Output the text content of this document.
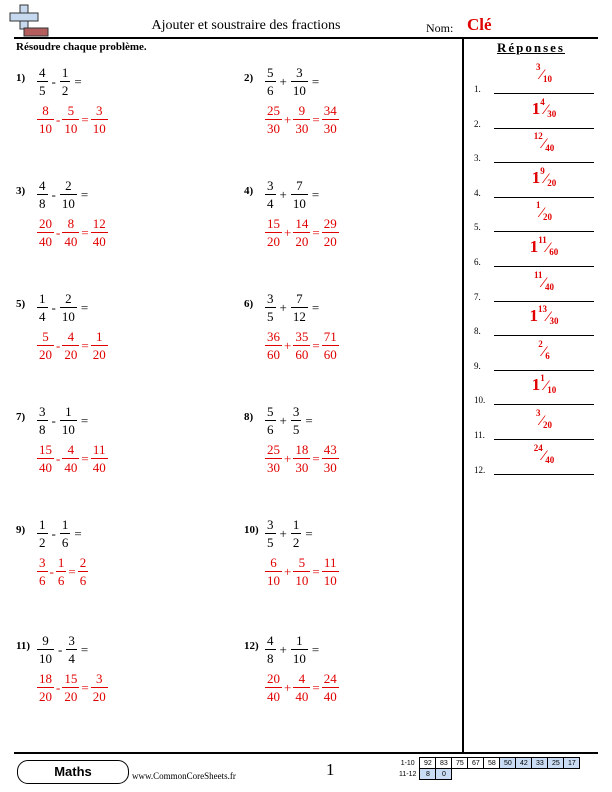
Ajouter et soustraire des fractions	Nom: Clé
Résoudre chaque problème.	Réponses
$1) \frac{4}{5} - \frac{1}{2}$ =
$\frac{8}{10} - \frac{5}{10} = \frac{3}{10}$
$2) \frac{5}{6} + \frac{3}{10}$ =
$\frac{25}{30} + \frac{9}{30} = \frac{34}{30}$
$3) \frac{4}{8} - \frac{2}{10}$ =
$\frac{20}{40} - \frac{8}{40} = \frac{12}{40}$
$4) \frac{3}{4} + \frac{7}{10}$ =
$\frac{15}{20} + \frac{14}{20} = \frac{29}{20}$
$5) \frac{1}{4} - \frac{2}{10}$ =
$\frac{5}{20} - \frac{4}{20} = \frac{1}{20}$
$6) \frac{3}{5} + \frac{7}{12}$ =
$\frac{36}{60} + \frac{35}{60} = \frac{71}{60}$
$7) \frac{3}{8} - \frac{1}{10}$ =
$\frac{15}{40} - \frac{4}{40} = \frac{11}{40}$
$8) \frac{5}{6} + \frac{3}{5}$ =
$\frac{25}{30} + \frac{18}{30} = \frac{43}{30}$
$9) \frac{1}{2} - \frac{1}{6}$ =
$\frac{3}{6} - \frac{1}{6} = \frac{2}{6}$
$10) \frac{3}{5} + \frac{1}{2}$ =
$\frac{6}{10} + \frac{5}{10} = \frac{11}{10}$
$11) \frac{9}{10} - \frac{3}{4}$ =
$\frac{18}{20} - \frac{15}{20} = \frac{3}{20}$
$12) \frac{4}{8} + \frac{1}{10}$ =
$\frac{20}{40} + \frac{4}{40} = \frac{24}{40}$
1.
$^3⁄_{10}$
2.
$1^4⁄_{30}$
3.
$^{12}⁄_{40}$
4.
$1^9⁄_{20}$
5.
$^1⁄_{20}$
6.
$1^{11}⁄_{60}$
7.
$^{11}⁄_{40}$
8.
$1^{13}⁄_{30}$
9.
$^2⁄_6$
10.
$1^1⁄_{10}$
11.
$^3⁄_{20}$
12.
$^{24}⁄_{40}$
Maths	www.CommonCoreSheets.fr	1	1-10	92	83	75	67	58	50	42	33	25	17
11-12	8	0								
